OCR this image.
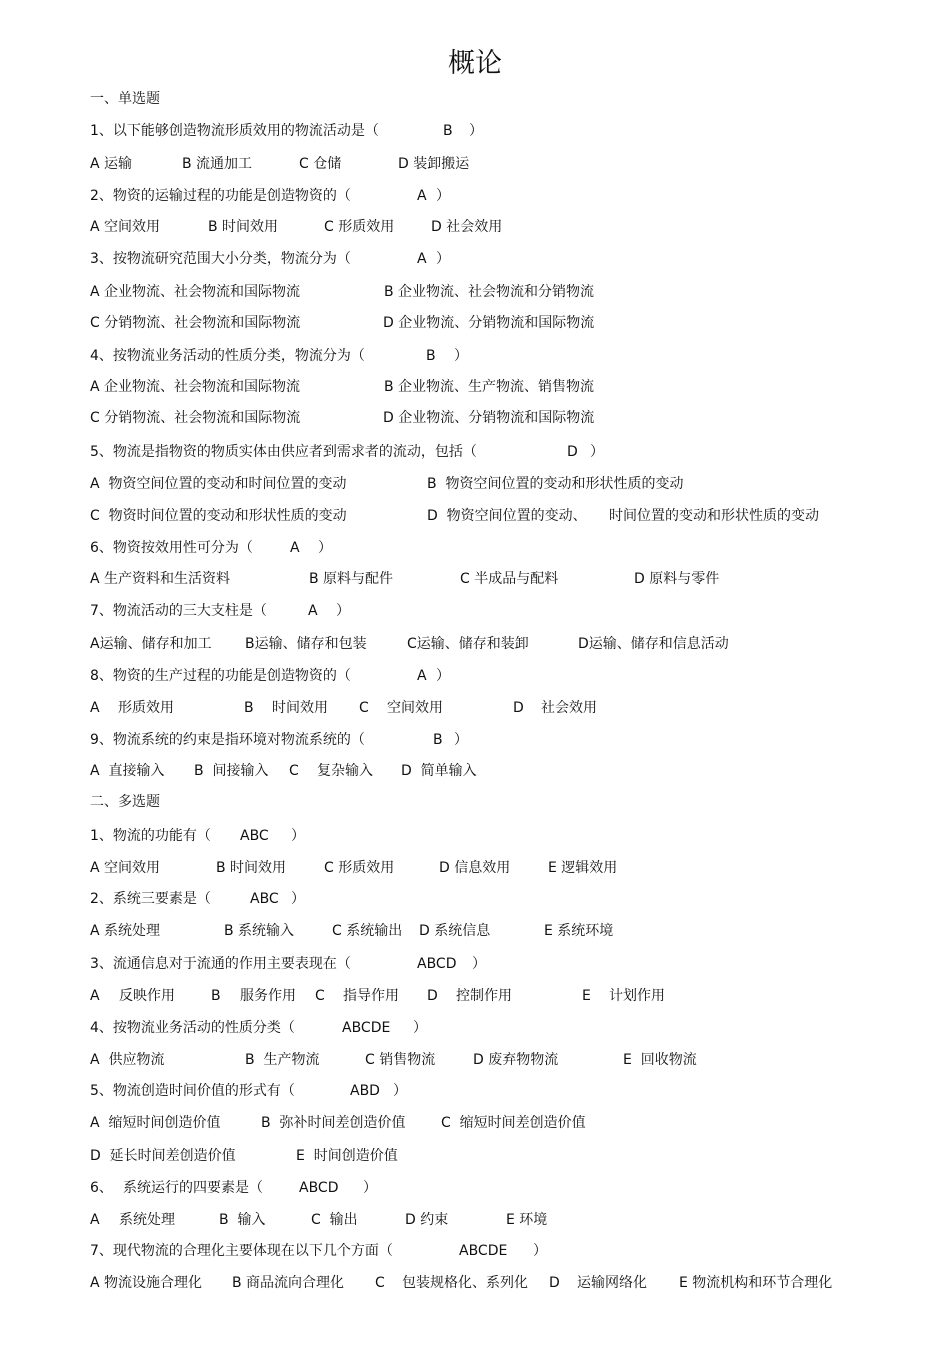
概论
一、单选题
1、以下能够创造物流形质效用的物流活动是（	B ）
A 运输	B 流通加工	C 仓储	D 装卸搬运
2、物资的运输过程的功能是创造物资的（	A ）
A 空间效用	B 时间效用	C 形质效用	D 社会效用
3、按物流研究范围大小分类，物流分为（	A ）
A 企业物流、社会物流和国际物流	B 企业物流、社会物流和分销物流
C 分销物流、社会物流和国际物流	D 企业物流、分销物流和国际物流
4、按物流业务活动的性质分类，物流分为（	B ）
A 企业物流、社会物流和国际物流	B 企业物流、生产物流、销售物流
C 分销物流、社会物流和国际物流	D 企业物流、分销物流和国际物流
5、物流是指物资的物质实体由供应者到需求者的流动，包括（	D ）
A  物资空间位置的变动和时间位置的变动	B  物资空间位置的变动和形状性质的变动
C  物资时间位置的变动和形状性质的变动	D  物资空间位置的变动、 时间位置的变动和形状性质的变动
6、物资按效用性可分为（	A ）
A 生产资料和生活资料	B 原料与配件	C 半成品与配料	D 原料与零件
7、物流活动的三大支柱是（	A ）
A运输、储存和加工 B运输、储存和包装	C运输、储存和装卸	D运输、储存和信息活动
8、物资的生产过程的功能是创造物资的（	A ）
A 形质效用	B 时间效用 C 空间效用	D 社会效用
9、物流系统的约束是指环境对物流系统的（	B ）
A  直接输入 B  间接输入 C 复杂输入 D  简单输入
二、多选题
1、物流的功能有（ ABC ）
A 空间效用	B 时间效用	C 形质效用	D 信息效用	E 逻辑效用
2、系统三要素是（	ABC ）
A 系统处理	B 系统输入	C 系统输出 D 系统信息	E 系统环境
3、流通信息对于流通的作用主要表现在（	ABCD ）
A 反映作用	B 服务作用 C 指导作用 D 控制作用	E 计划作用
4、按物流业务活动的性质分类（	ABCDE ）
A  供应物流	B  生产物流	C 销售物流	D 废弃物物流	E  回收物流
5、物流创造时间价值的形式有（	ABD ）
A  缩短时间创造价值	B  弥补时间差创造价值	C  缩短时间差创造价值
D  延长时间差创造价值	E  时间创造价值
6、 系统运行的四要素是（	ABCD ）
A 系统处理	B  输入	C  输出	D 约束	E 环境
7、现代物流的合理化主要体现在以下几个方面（	ABCDE ）
A 物流设施合理化 B 商品流向合理化 C 包装规格化、系列化 D 运输网络化 E 物流机构和环节合理化
